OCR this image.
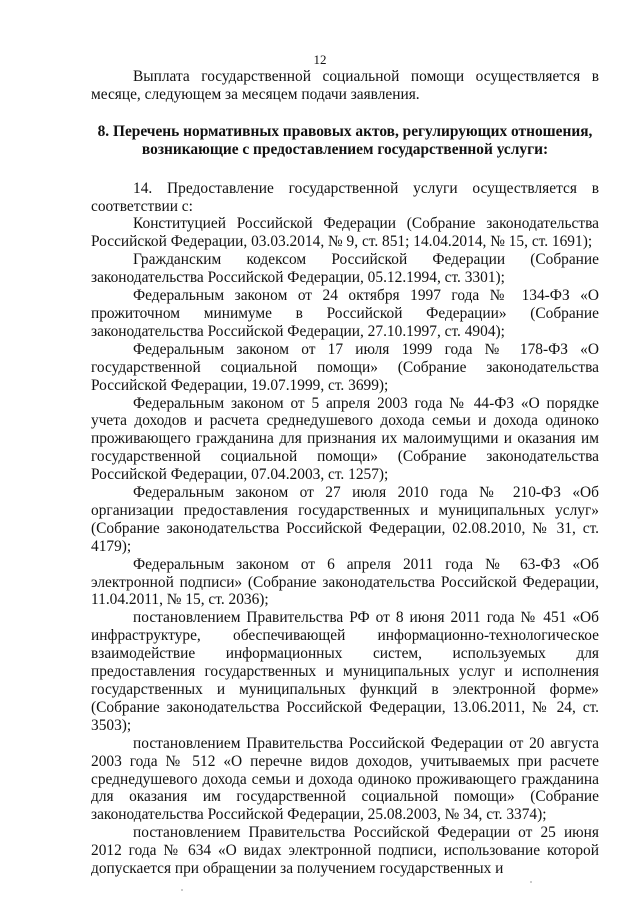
12

Выплата государственной социальной помощи осуществляется в месяце, следующем за месяцем подачи заявления.

8. Перечень нормативных правовых актов, регулирующих отношения, возникающие с предоставлением государственной услуги:

14. Предоставление государственной услуги осуществляется в соответствии с:

Конституцией Российской Федерации (Собрание законодательства Российской Федерации, 03.03.2014, № 9, ст. 851; 14.04.2014, № 15, ст. 1691);

Гражданским кодексом Российской Федерации (Собрание законодательства Российской Федерации, 05.12.1994, ст. 3301);

Федеральным законом от 24 октября 1997 года № 134-ФЗ «О прожиточном минимуме в Российской Федерации» (Собрание законодательства Российской Федерации, 27.10.1997, ст. 4904);

Федеральным законом от 17 июля 1999 года № 178-ФЗ «О государственной социальной помощи» (Собрание законодательства Российской Федерации, 19.07.1999, ст. 3699);

Федеральным законом от 5 апреля 2003 года № 44-ФЗ «О порядке учета доходов и расчета среднедушевого дохода семьи и дохода одиноко проживающего гражданина для признания их малоимущими и оказания им государственной социальной помощи» (Собрание законодательства Российской Федерации, 07.04.2003, ст. 1257);

Федеральным законом от 27 июля 2010 года № 210-ФЗ «Об организации предоставления государственных и муниципальных услуг» (Собрание законодательства Российской Федерации, 02.08.2010, № 31, ст. 4179);

Федеральным законом от 6 апреля 2011 года № 63-ФЗ «Об электронной подписи» (Собрание законодательства Российской Федерации, 11.04.2011, № 15, ст. 2036);

постановлением Правительства РФ от 8 июня 2011 года № 451 «Об инфраструктуре, обеспечивающей информационно-технологическое взаимодействие информационных систем, используемых для предоставления государственных и муниципальных услуг и исполнения государственных и муниципальных функций в электронной форме» (Собрание законодательства Российской Федерации, 13.06.2011, № 24, ст. 3503);

постановлением Правительства Российской Федерации от 20 августа 2003 года № 512 «О перечне видов доходов, учитываемых при расчете среднедушевого дохода семьи и дохода одиноко проживающего гражданина для оказания им государственной социальной помощи» (Собрание законодательства Российской Федерации, 25.08.2003, № 34, ст. 3374);

постановлением Правительства Российской Федерации от 25 июня 2012 года № 634 «О видах электронной подписи, использование которой допускается при обращении за получением государственных и
